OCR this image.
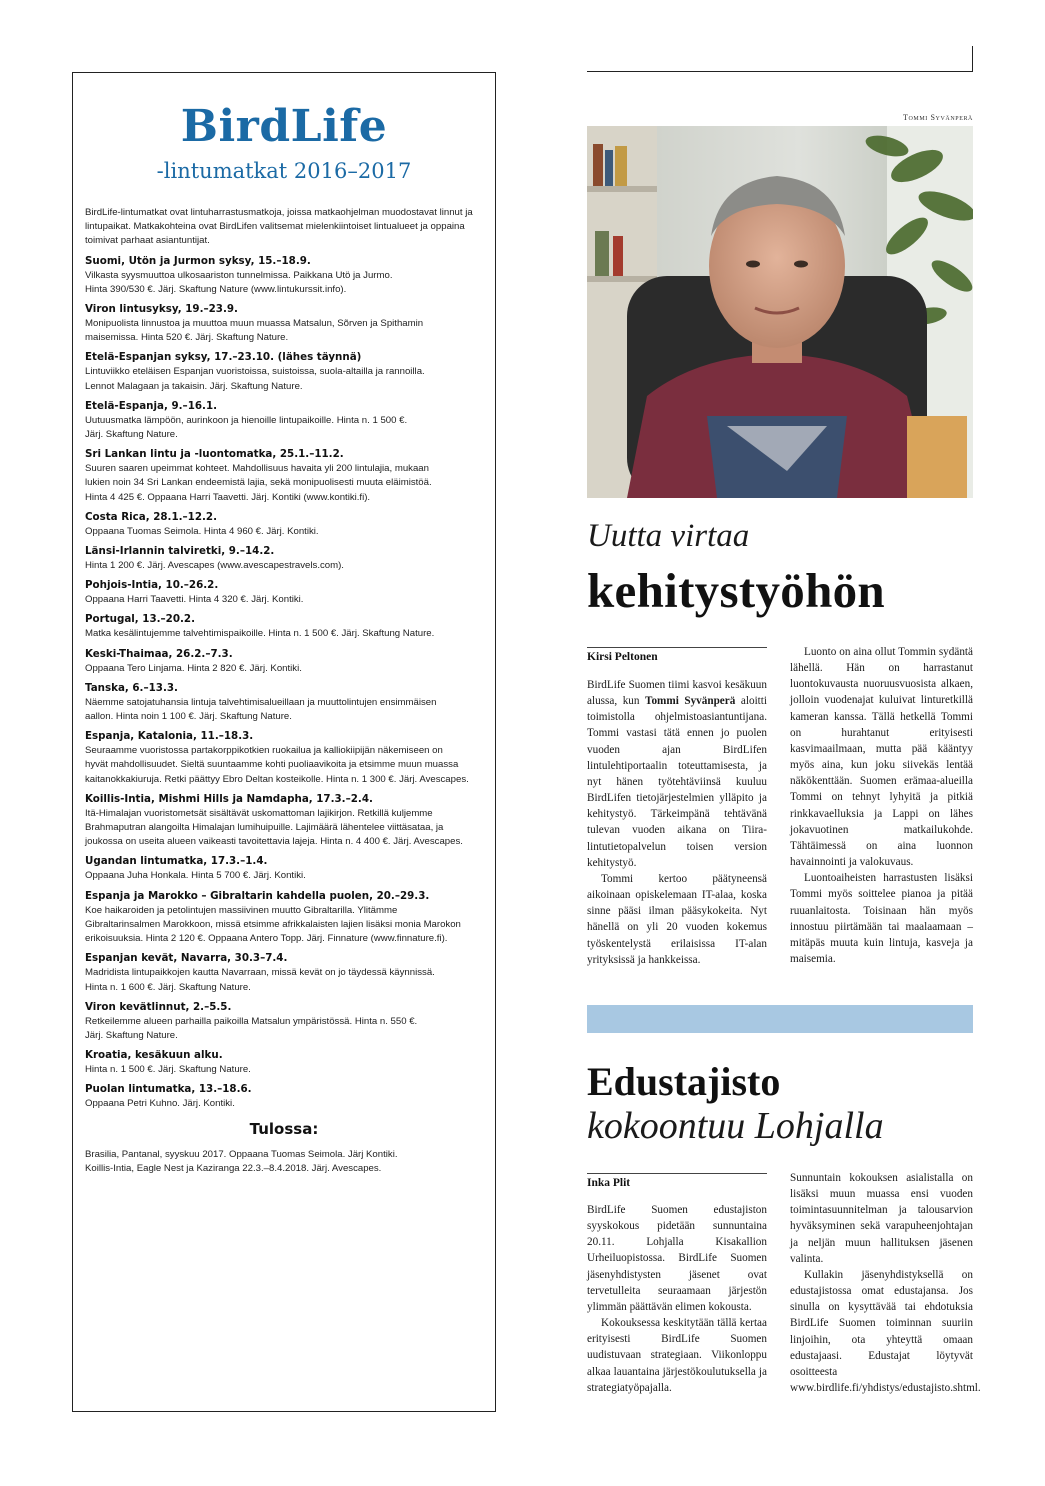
BirdLife
-lintumatkat 2016–2017

BirdLife-lintumatkat ovat lintuharrastusmatkoja, joissa matkaohjelman muodostavat linnut ja lintupaikat. Matkakohteina ovat BirdLifen valitsemat mielenkiintoiset lintualueet ja oppaina toimivat parhaat asiantuntijat.

Suomi, Utön ja Jurmon syksy, 15.–18.9.
Vilkasta syysmuuttoa ulkosaariston tunnelmissa. Paikkana Utö ja Jurmo.
Hinta 390/530 €. Järj. Skaftung Nature (www.lintukurssit.info).
Viron lintusyksy, 19.–23.9.
Monipuolista linnustoa ja muuttoa muun muassa Matsalun, Sõrven ja Spithamin
maisemissa. Hinta 520 €. Järj. Skaftung Nature.
Etelä-Espanjan syksy, 17.–23.10. (lähes täynnä)
Lintuviikko eteläisen Espanjan vuoristoissa, suistoissa, suola-altailla ja rannoilla.
Lennot Malagaan ja takaisin. Järj. Skaftung Nature.
Etelä-Espanja, 9.–16.1.
Uutuusmatka lämpöön, aurinkoon ja hienoille lintupaikoille. Hinta n. 1 500 €.
Järj. Skaftung Nature.
Sri Lankan lintu ja -luontomatka, 25.1.–11.2.
Suuren saaren upeimmat kohteet. Mahdollisuus havaita yli 200 lintulajia, mukaan
lukien noin 34 Sri Lankan endeemistä lajia, sekä monipuolisesti muuta eläimistöä.
Hinta 4 425 €. Oppaana Harri Taavetti. Järj. Kontiki (www.kontiki.fi).
Costa Rica, 28.1.–12.2.
Oppaana Tuomas Seimola. Hinta 4 960 €. Järj. Kontiki.
Länsi-Irlannin talviretki, 9.–14.2.
Hinta 1 200 €. Järj. Avescapes (www.avescapestravels.com).
Pohjois-Intia, 10.–26.2.
Oppaana Harri Taavetti. Hinta 4 320 €. Järj. Kontiki.
Portugal, 13.–20.2.
Matka kesälintujemme talvehtimispaikoille. Hinta n. 1 500 €. Järj. Skaftung Nature.
Keski-Thaimaa, 26.2.–7.3.
Oppaana Tero Linjama. Hinta 2 820 €. Järj. Kontiki.
Tanska, 6.–13.3.
Näemme satojatuhansia lintuja talvehtimisalueillaan ja muuttolintujen ensimmäisen
aallon. Hinta noin 1 100 €. Järj. Skaftung Nature.
Espanja, Katalonia, 11.–18.3.
Seuraamme vuoristossa partakorppikotkien ruokailua ja kalliokiipijän näkemiseen on
hyvät mahdollisuudet. Sieltä suuntaamme kohti puoliaavikoita ja etsimme muun muassa
kaitanokkakiuruja. Retki päättyy Ebro Deltan kosteikolle. Hinta n. 1 300 €. Järj. Avescapes.
Koillis-Intia, Mishmi Hills ja Namdapha, 17.3.–2.4.
Itä-Himalajan vuoristometsät sisältävät uskomattoman lajikirjon. Retkillä kuljemme
Brahmaputran alangoilta Himalajan lumihuipuille. Lajimäärä lähentelee viittäsataa, ja
joukossa on useita alueen vaikeasti tavoitettavia lajeja. Hinta n. 4 400 €. Järj. Avescapes.
Ugandan lintumatka, 17.3.–1.4.
Oppaana Juha Honkala. Hinta 5 700 €. Järj. Kontiki.
Espanja ja Marokko – Gibraltarin kahdella puolen, 20.–29.3.
Koe haikaroiden ja petolintujen massiivinen muutto Gibraltarilla. Ylitämme
Gibraltarinsalmen Marokkoon, missä etsimme afrikkalaisten lajien lisäksi monia Marokon
erikoisuuksia. Hinta 2 120 €. Oppaana Antero Topp. Järj. Finnature (www.finnature.fi).
Espanjan kevät, Navarra, 30.3–7.4.
Madridista lintupaikkojen kautta Navarraan, missä kevät on jo täydessä käynnissä.
Hinta n. 1 600 €. Järj. Skaftung Nature.
Viron kevätlinnut, 2.–5.5.
Retkeilemme alueen parhailla paikoilla Matsalun ympäristössä. Hinta n. 550 €.
Järj. Skaftung Nature.
Kroatia, kesäkuun alku.
Hinta n. 1 500 €. Järj. Skaftung Nature.
Puolan lintumatka, 13.–18.6.
Oppaana Petri Kuhno. Järj. Kontiki.
Tulossa:
Brasilia, Pantanal, syyskuu 2017. Oppaana Tuomas Seimola. Järj Kontiki.
Koillis-Intia, Eagle Nest ja Kaziranga 22.3.–8.4.2018. Järj. Avescapes.
Tommi Syvänperä
Uutta virtaa
kehitystyöhön
Kirsi Peltonen

BirdLife Suomen tiimi kasvoi kesäkuun alussa, kun Tommi Syvänperä aloitti toimistolla ohjelmistoasiantuntijana. Tommi vastasi tätä ennen jo puolen vuoden ajan BirdLifen lintulehtiportaalin toteuttamisesta, ja nyt hänen työtehtäviinsä kuuluu BirdLifen tietojärjestelmien ylläpito ja kehitystyö. Tärkeimpänä tehtävänä tulevan vuoden aikana on Tiira-lintutietopalvelun toisen version kehitystyö.

Tommi kertoo päätyneensä aikoinaan opiskelemaan IT-alaa, koska sinne pääsi ilman pääsykokeita. Nyt hänellä on yli 20 vuoden kokemus työskentelystä erilaisissa IT-alan yrityksissä ja hankkeissa.

Luonto on aina ollut Tommin sydäntä lähellä. Hän on harrastanut luontokuvausta nuoruusvuosista alkaen, jolloin vuodenajat kuluivat linturetkillä kameran kanssa. Tällä hetkellä Tommi on hurahtanut erityisesti kasvimaailmaan, mutta pää kääntyy myös aina, kun joku siivekäs lentää näkökenttään. Suomen erämaa-alueilla Tommi on tehnyt lyhyitä ja pitkiä rinkkavaelluksia ja Lappi on lähes jokavuotinen matkailukohde. Tähtäimessä on aina luonnon havainnointi ja valokuvaus.

Luontoaiheisten harrastusten lisäksi Tommi myös soittelee pianoa ja pitää ruuanlaitosta. Toisinaan hän myös innostuu piirtämään tai maalaamaan – mitäpäs muuta kuin lintuja, kasveja ja maisemia.

Edustajisto
kokoontuu Lohjalla
Inka Plit

BirdLife Suomen edustajiston syyskokous pidetään sunnuntaina 20.11. Lohjalla Kisakallion Urheiluopistossa. BirdLife Suomen jäsenyhdistysten jäsenet ovat tervetulleita seuraamaan järjestön ylimmän päättävän elimen kokousta.

Kokouksessa keskitytään tällä kertaa erityisesti BirdLife Suomen uudistuvaan strategiaan. Viikonloppu alkaa lauantaina järjestökoulutuksella ja strategiatyöpajalla.

Sunnuntain kokouksen asialistalla on lisäksi muun muassa ensi vuoden toimintasuunnitelman ja talousarvion hyväksyminen sekä varapuheenjohtajan ja neljän muun hallituksen jäsenen valinta.

Kullakin jäsenyhdistyksellä on edustajistossa omat edustajansa. Jos sinulla on kysyttävää tai ehdotuksia BirdLife Suomen toiminnan suuriin linjoihin, ota yhteyttä omaan edustajaasi. Edustajat löytyvät osoitteesta www.birdlife.fi/yhdistys/edustajisto.shtml.
